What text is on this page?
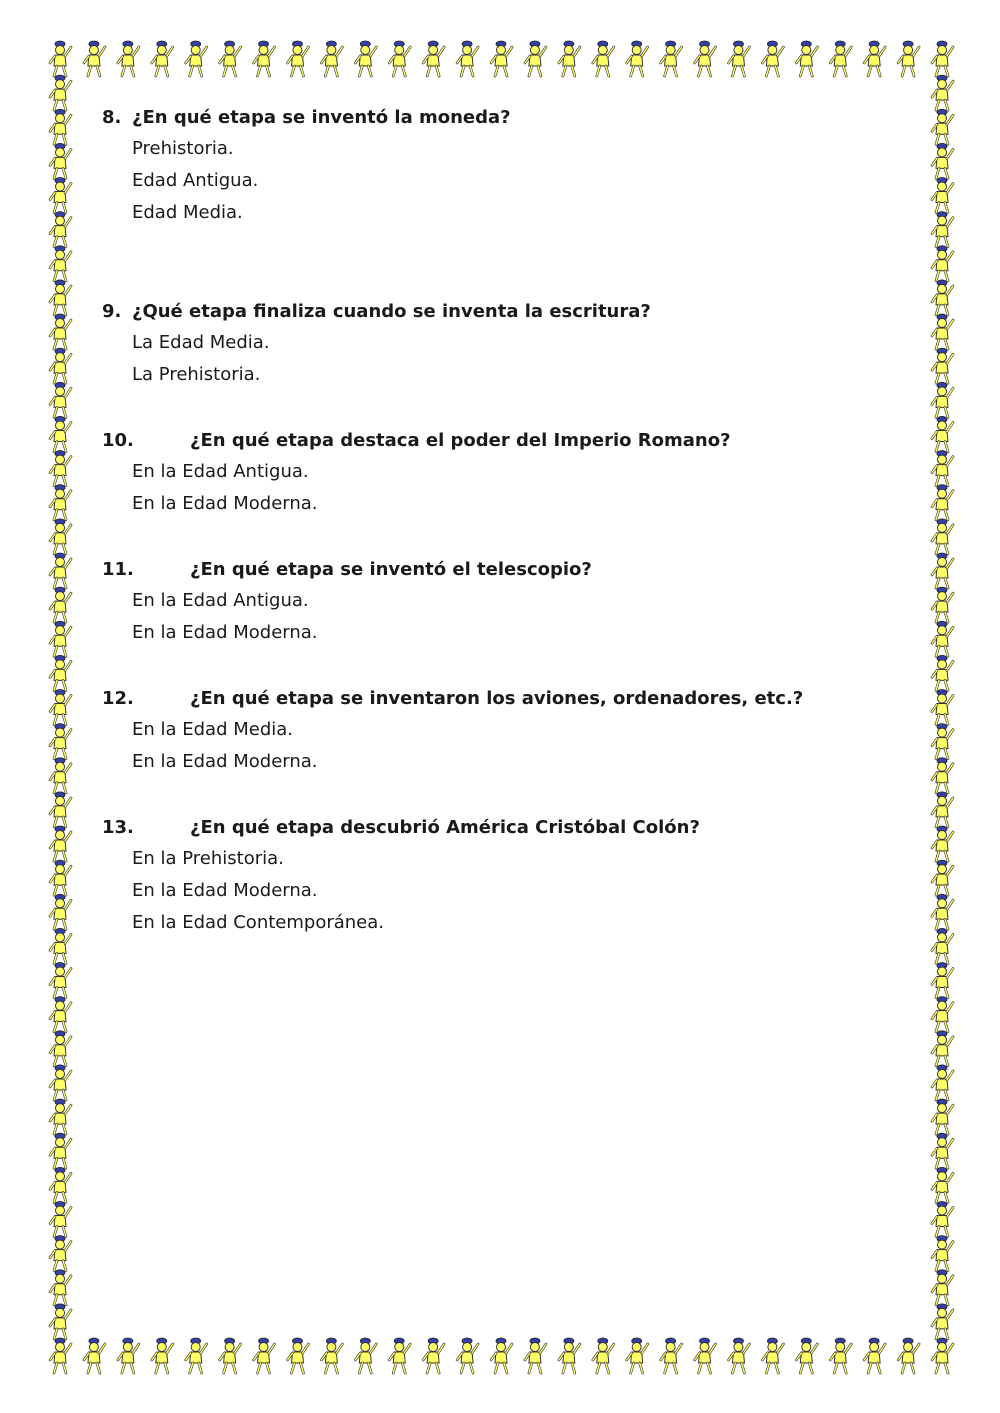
8. ¿En qué etapa se inventó la moneda?
Prehistoria.
Edad Antigua.
Edad Media.
9. ¿Qué etapa finaliza cuando se inventa la escritura?
La Edad Media.
La Prehistoria.
10.	¿En qué etapa destaca el poder del Imperio Romano?
En la Edad Antigua.
En la Edad Moderna.
11.	¿En qué etapa se inventó el telescopio?
En la Edad Antigua.
En la Edad Moderna.
12.	¿En qué etapa se inventaron los aviones, ordenadores, etc.?
En la Edad Media.
En la Edad Moderna.
13.	¿En qué etapa descubrió América Cristóbal Colón?
En la Prehistoria.
En la Edad Moderna.
En la Edad Contemporánea.
